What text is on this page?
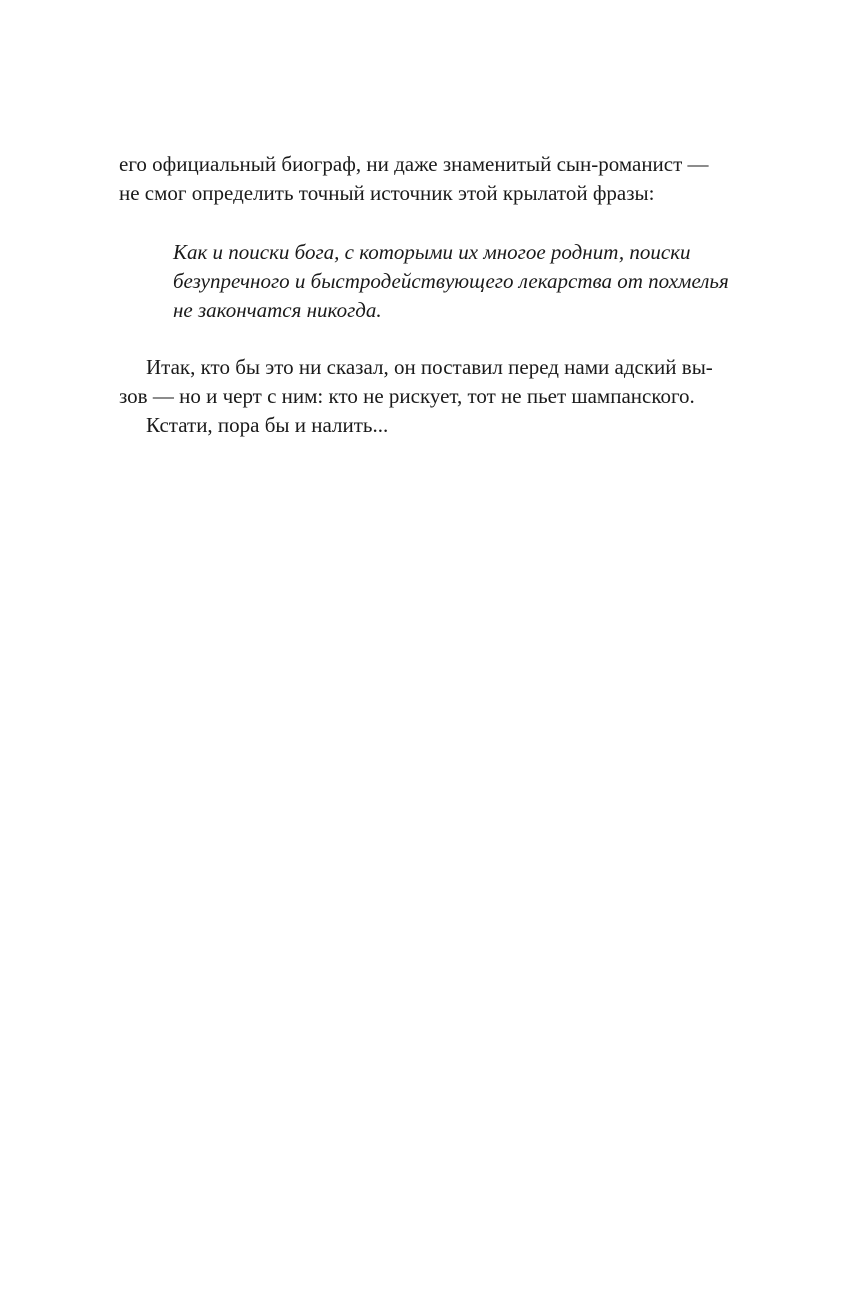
его официальный биограф, ни даже знаменитый сын-романист —
не смог определить точный источник этой крылатой фразы:
Как и поиски бога, с которыми их многое роднит, поиски
безупречного и быстродействующего лекарства от похмелья
не закончатся никогда.
Итак, кто бы это ни сказал, он поставил перед нами адский вы-
зов — но и черт с ним: кто не рискует, тот не пьет шампанского.
Кстати, пора бы и налить...
